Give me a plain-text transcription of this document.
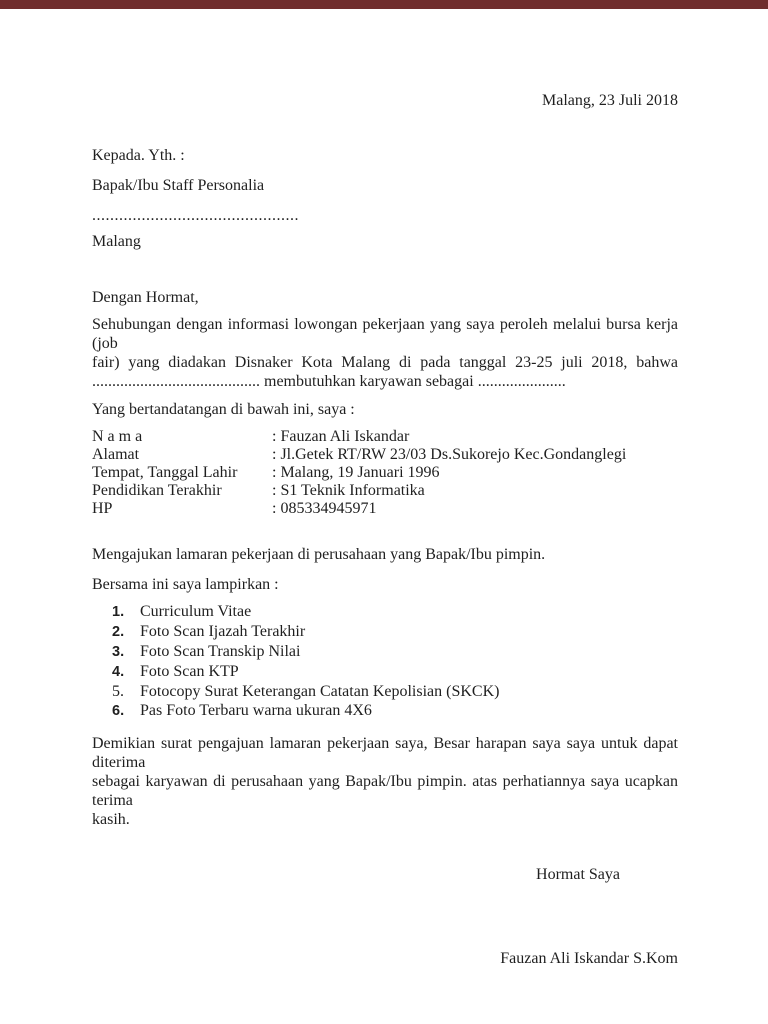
Malang, 23 Juli 2018
Kepada. Yth. :
Bapak/Ibu Staff Personalia
..............................................
Malang
Dengan Hormat,
Sehubungan dengan informasi lowongan pekerjaan yang saya peroleh melalui bursa kerja (job
fair) yang diadakan Disnaker Kota Malang di pada tanggal 23-25 juli 2018, bahwa
.......................................... membutuhkan karyawan sebagai ......................
Yang bertandatangan di bawah ini, saya :
N a m a	: Fauzan Ali Iskandar
Alamat	: Jl.Getek RT/RW 23/03 Ds.Sukorejo Kec.Gondanglegi
Tempat, Tanggal Lahir : Malang, 19 Januari 1996
Pendidikan Terakhir	: S1 Teknik Informatika
HP	: 085334945971
Mengajukan lamaran pekerjaan di perusahaan yang Bapak/Ibu pimpin.
Bersama ini saya lampirkan :
1. Curriculum Vitae
2. Foto Scan Ijazah Terakhir
3. Foto Scan Transkip Nilai
4. Foto Scan KTP
5. Fotocopy Surat Keterangan Catatan Kepolisian (SKCK)
6. Pas Foto Terbaru warna ukuran 4X6
Demikian surat pengajuan lamaran pekerjaan saya, Besar harapan saya saya untuk dapat diterima
sebagai karyawan di perusahaan yang Bapak/Ibu pimpin. atas perhatiannya saya ucapkan terima
kasih.
Hormat Saya
Fauzan Ali Iskandar S.Kom
